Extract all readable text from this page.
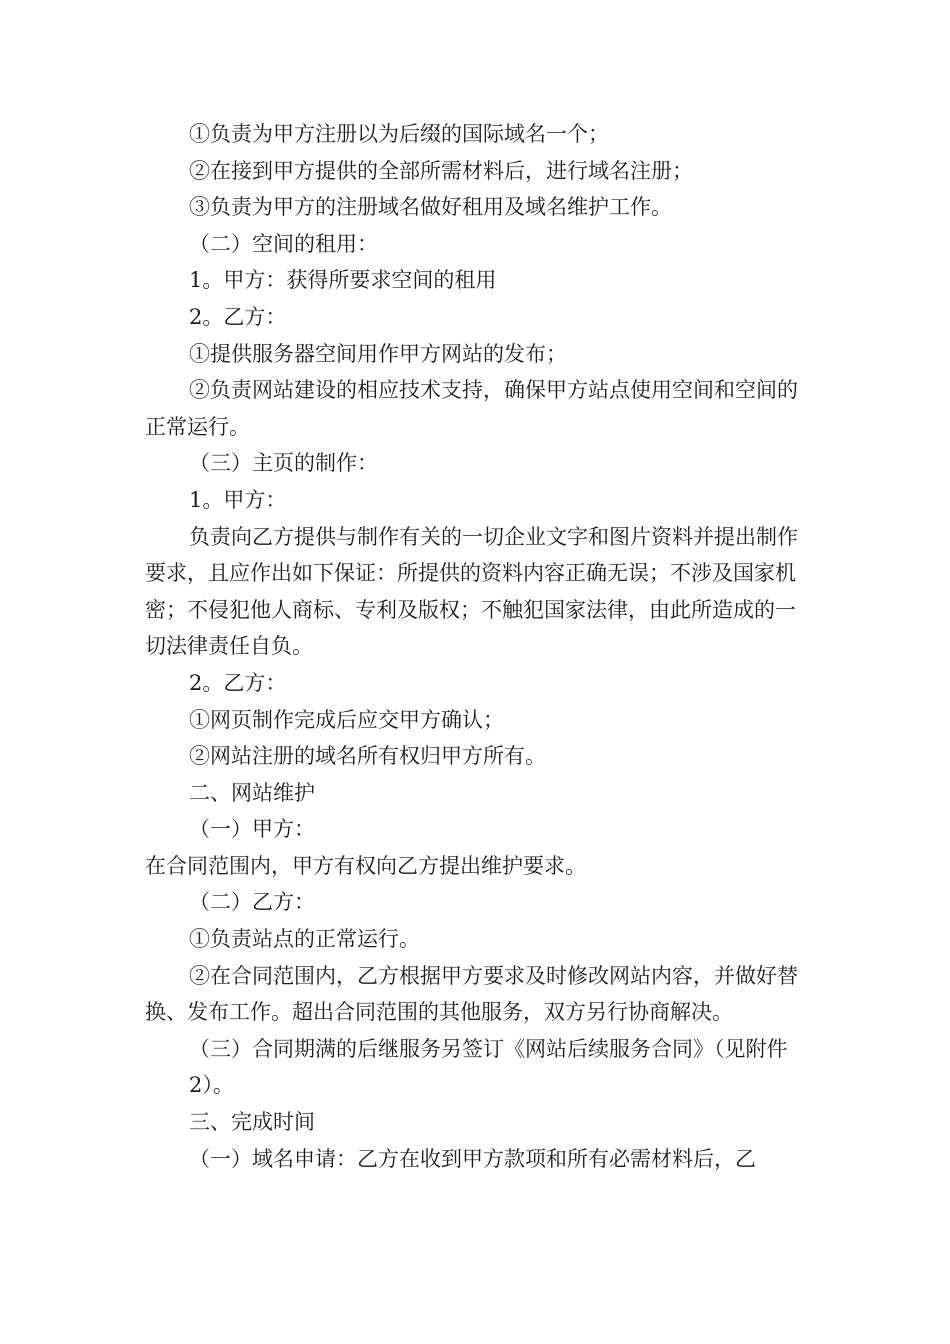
①负责为甲方注册以为后缀的国际域名一个；

②在接到甲方提供的全部所需材料后，进行域名注册；

③负责为甲方的注册域名做好租用及域名维护工作。

（二）空间的租用：

1。甲方：获得所要求空间的租用

2。乙方：

①提供服务器空间用作甲方网站的发布；

②负责网站建设的相应技术支持，确保甲方站点使用空间和空间的正常运行。

（三）主页的制作：

1。甲方：

负责向乙方提供与制作有关的一切企业文字和图片资料并提出制作要求，且应作出如下保证：所提供的资料内容正确无误；不涉及国家机密；不侵犯他人商标、专利及版权；不触犯国家法律，由此所造成的一切法律责任自负。

2。乙方：

①网页制作完成后应交甲方确认；

②网站注册的域名所有权归甲方所有。

二、网站维护

（一）甲方：

在合同范围内，甲方有权向乙方提出维护要求。

（二）乙方：

①负责站点的正常运行。

②在合同范围内，乙方根据甲方要求及时修改网站内容，并做好替换、发布工作。超出合同范围的其他服务，双方另行协商解决。

（三）合同期满的后继服务另签订《网站后续服务合同》（见附件

2）。

三、完成时间

（一）域名申请：乙方在收到甲方款项和所有必需材料后，乙
